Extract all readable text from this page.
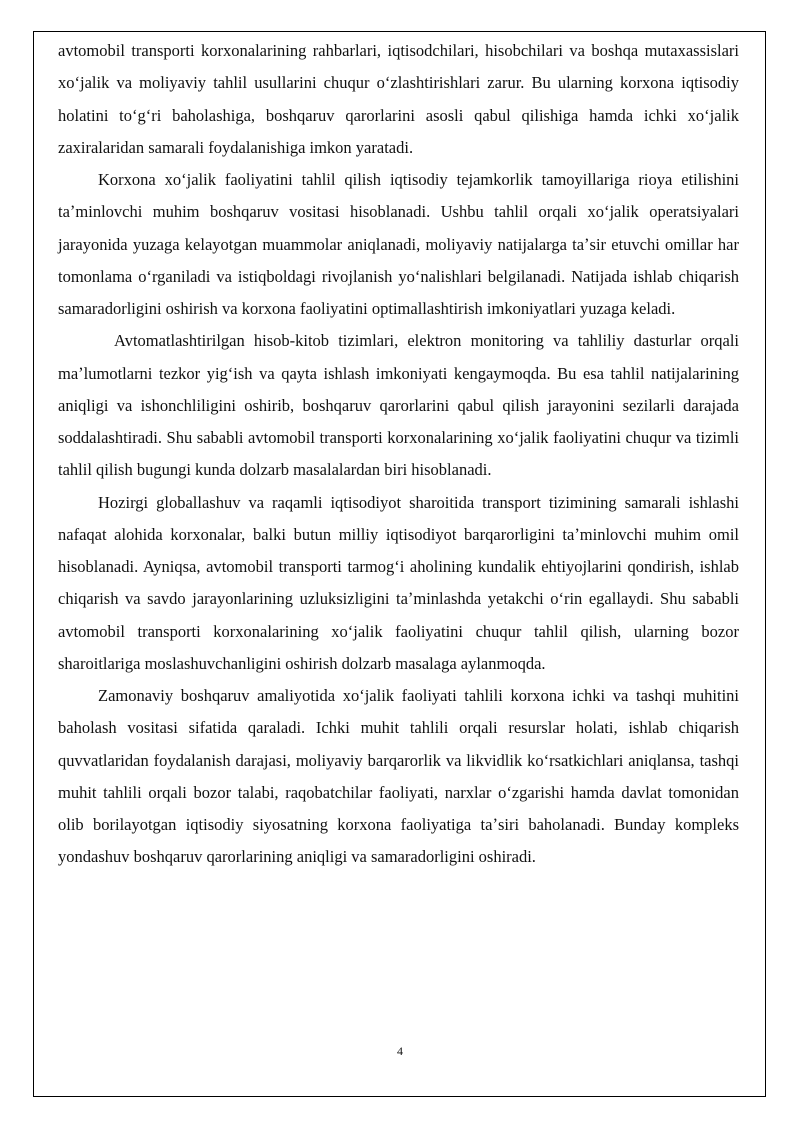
avtomobil transporti korxonalarining rahbarlari, iqtisodchilari, hisobchilari va boshqa mutaxassislari xoʻjalik va moliyaviy tahlil usullarini chuqur oʻzlashtirishlari zarur. Bu ularning korxona iqtisodiy holatini toʻgʻri baholashiga, boshqaruv qarorlarini asosli qabul qilishiga hamda ichki xoʻjalik zaxiralaridan samarali foydalanishiga imkon yaratadi.

Korxona xoʻjalik faoliyatini tahlil qilish iqtisodiy tejamkorlik tamoyillariga rioya etilishini taʼminlovchi muhim boshqaruv vositasi hisoblanadi. Ushbu tahlil orqali xoʻjalik operatsiyalari jarayonida yuzaga kelayotgan muammolar aniqlanadi, moliyaviy natijalarga taʼsir etuvchi omillar har tomonlama oʻrganiladi va istiqboldagi rivojlanish yoʻnalishlari belgilanadi. Natijada ishlab chiqarish samaradorligini oshirish va korxona faoliyatini optimallashtirish imkoniyatlari yuzaga keladi.

Avtomatlashtirilgan hisob-kitob tizimlari, elektron monitoring va tahliliy dasturlar orqali maʼlumotlarni tezkor yigʻish va qayta ishlash imkoniyati kengaymoqda. Bu esa tahlil natijalarining aniqligi va ishonchliligini oshirib, boshqaruv qarorlarini qabul qilish jarayonini sezilarli darajada soddalashtiradi. Shu sababli avtomobil transporti korxonalarining xoʻjalik faoliyatini chuqur va tizimli tahlil qilish bugungi kunda dolzarb masalalardan biri hisoblanadi.

Hozirgi globallashuv va raqamli iqtisodiyot sharoitida transport tizimining samarali ishlashi nafaqat alohida korxonalar, balki butun milliy iqtisodiyot barqarorligini taʼminlovchi muhim omil hisoblanadi. Ayniqsa, avtomobil transporti tarmogʻi aholining kundalik ehtiyojlarini qondirish, ishlab chiqarish va savdo jarayonlarining uzluksizligini taʼminlashda yetakchi oʻrin egallaydi. Shu sababli avtomobil transporti korxonalarining xoʻjalik faoliyatini chuqur tahlil qilish, ularning bozor sharoitlariga moslashuvchanligini oshirish dolzarb masalaga aylanmoqda.

Zamonaviy boshqaruv amaliyotida xoʻjalik faoliyati tahlili korxona ichki va tashqi muhitini baholash vositasi sifatida qaraladi. Ichki muhit tahlili orqali resurslar holati, ishlab chiqarish quvvatlaridan foydalanish darajasi, moliyaviy barqarorlik va likvidlik koʻrsatkichlari aniqlansa, tashqi muhit tahlili orqali bozor talabi, raqobatchilar faoliyati, narxlar oʻzgarishi hamda davlat tomonidan olib borilayotgan iqtisodiy siyosatning korxona faoliyatiga taʼsiri baholanadi. Bunday kompleks yondashuv boshqaruv qarorlarining aniqligi va samaradorligini oshiradi.

4
